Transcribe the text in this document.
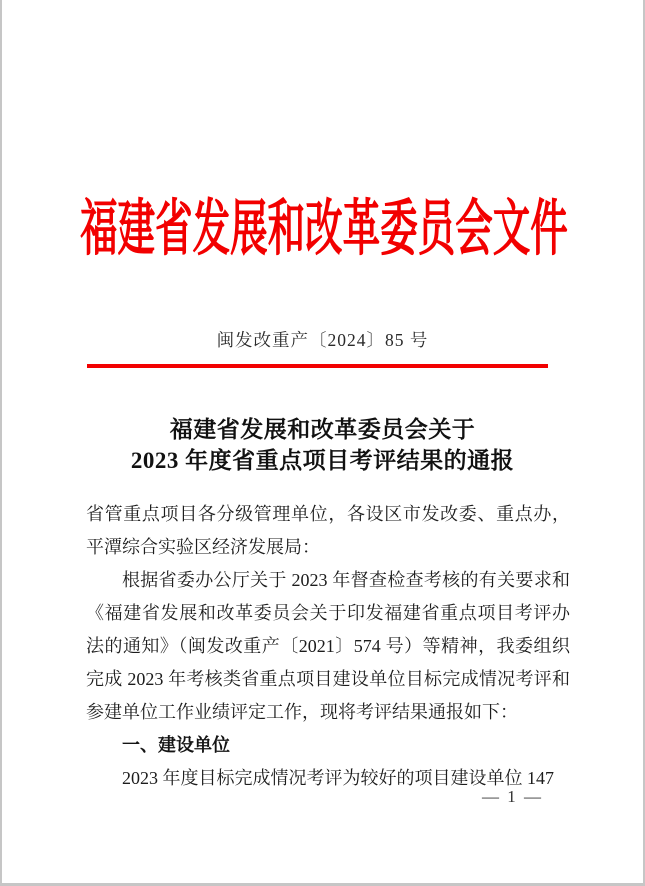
福建省发展和改革委员会文件
闽发改重产〔2024〕85 号
福建省发展和改革委员会关于
2023 年度省重点项目考评结果的通报

省管重点项目各分级管理单位，各设区市发改委、重点办，平潭综合实验区经济发展局：

根据省委办公厅关于 2023 年督查检查考核的有关要求和《福建省发展和改革委员会关于印发福建省重点项目考评办法的通知》（闽发改重产〔2021〕574 号）等精神，我委组织完成 2023 年考核类省重点项目建设单位目标完成情况考评和参建单位工作业绩评定工作，现将考评结果通报如下：

一、建设单位

2023 年度目标完成情况考评为较好的项目建设单位 147

— 1 —
